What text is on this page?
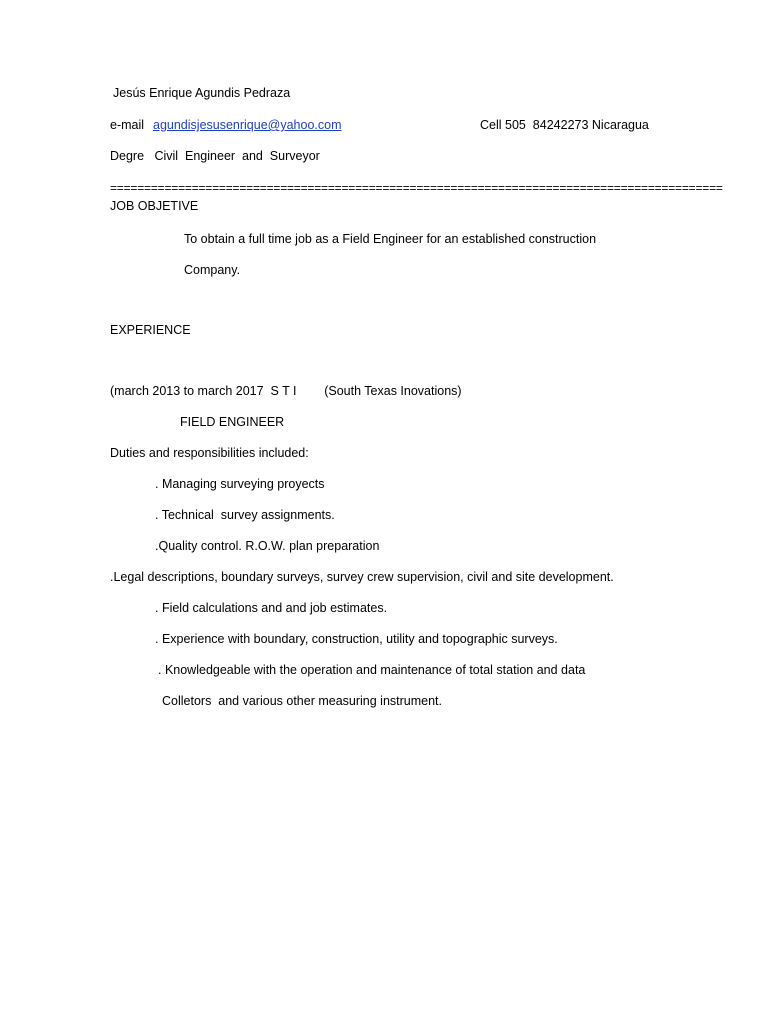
Jesús Enrique Agundis Pedraza

e-mail

agundisjesusenrique@yahoo.com

	Cell 505  84242273 Nicaragua

Degre   Civil  Engineer  and  Surveyor
==========================================================================================
JOB OBJETIVE
To obtain a full time job as a Field Engineer for an established construction
Company.
EXPERIENCE
(march 2013 to march 2017  S T I        (South Texas Inovations)
FIELD ENGINEER
Duties and responsibilities included:
. Managing surveying proyects
. Technical  survey assignments.
.Quality control. R.O.W. plan preparation
.Legal descriptions, boundary surveys, survey crew supervision, civil and site development.
. Field calculations and and job estimates.
. Experience with boundary, construction, utility and topographic surveys.
. Knowledgeable with the operation and maintenance of total station and data
Colletors  and various other measuring instrument.
